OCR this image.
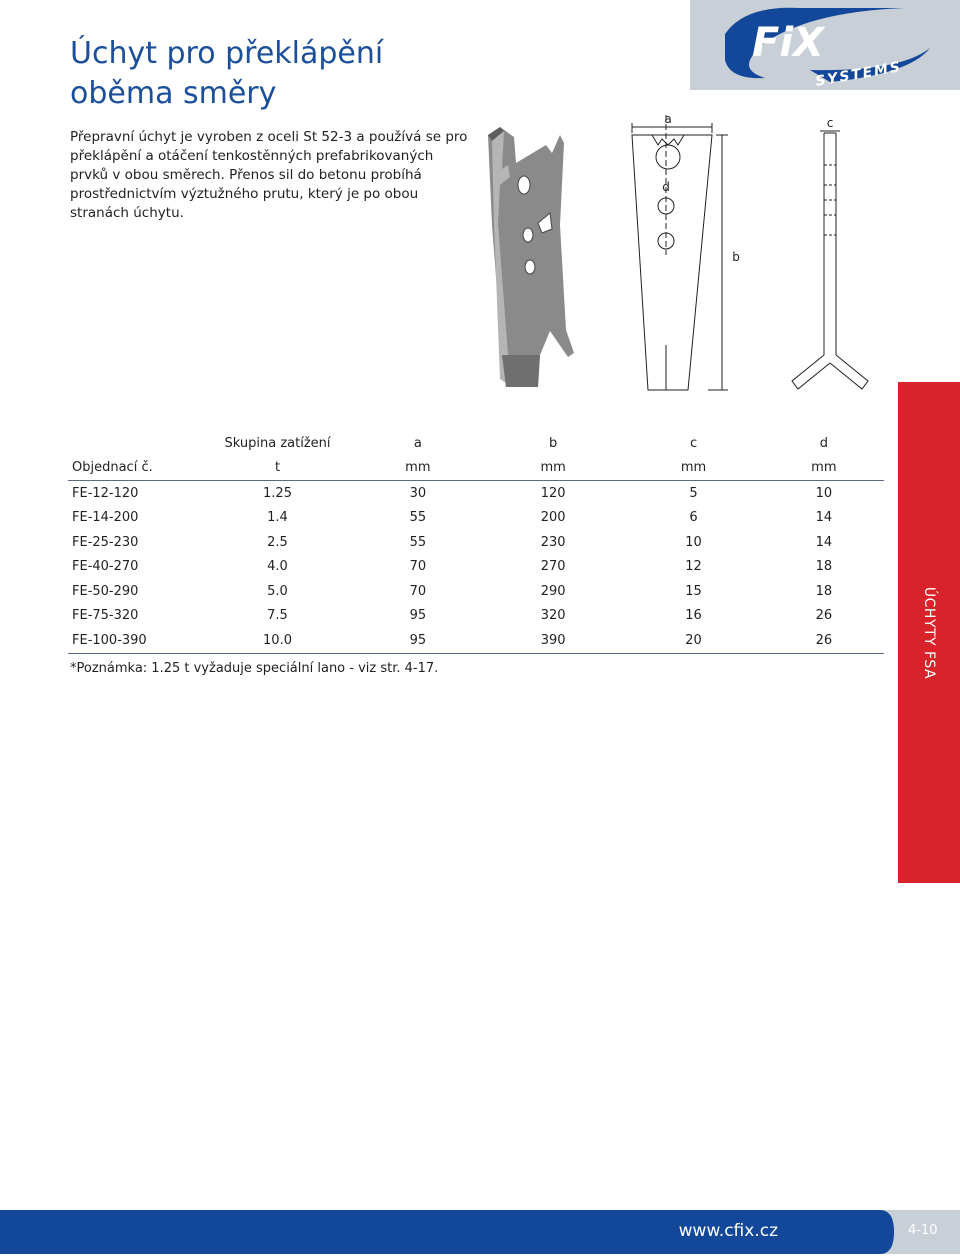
Úchyt pro překlápění oběma směry

Přepravní úchyt je vyroben z oceli St 52-3 a používá se pro překlápění a otáčení tenkostěnných prefabrikovaných prvků v obou směrech. Přenos sil do betonu probíhá prostřednictvím výztužného prutu, který je po obou stranách úchytu.

FiX
SYSTEMS
a
d
b
c
	Skupina zatížení	a	b	c	d
Objednací č.	t	mm	mm	mm	mm
FE-12-120	1.25	30	120	5	10
FE-14-200	1.4	55	200	6	14
FE-25-230	2.5	55	230	10	14
FE-40-270	4.0	70	270	12	18
FE-50-290	5.0	70	290	15	18
FE-75-320	7.5	95	320	16	26
FE-100-390	10.0	95	390	20	26

*Poznámka: 1.25 t vyžaduje speciální lano - viz str. 4-17.	ÚCHYTY FSA
www.cfix.cz	4-10
